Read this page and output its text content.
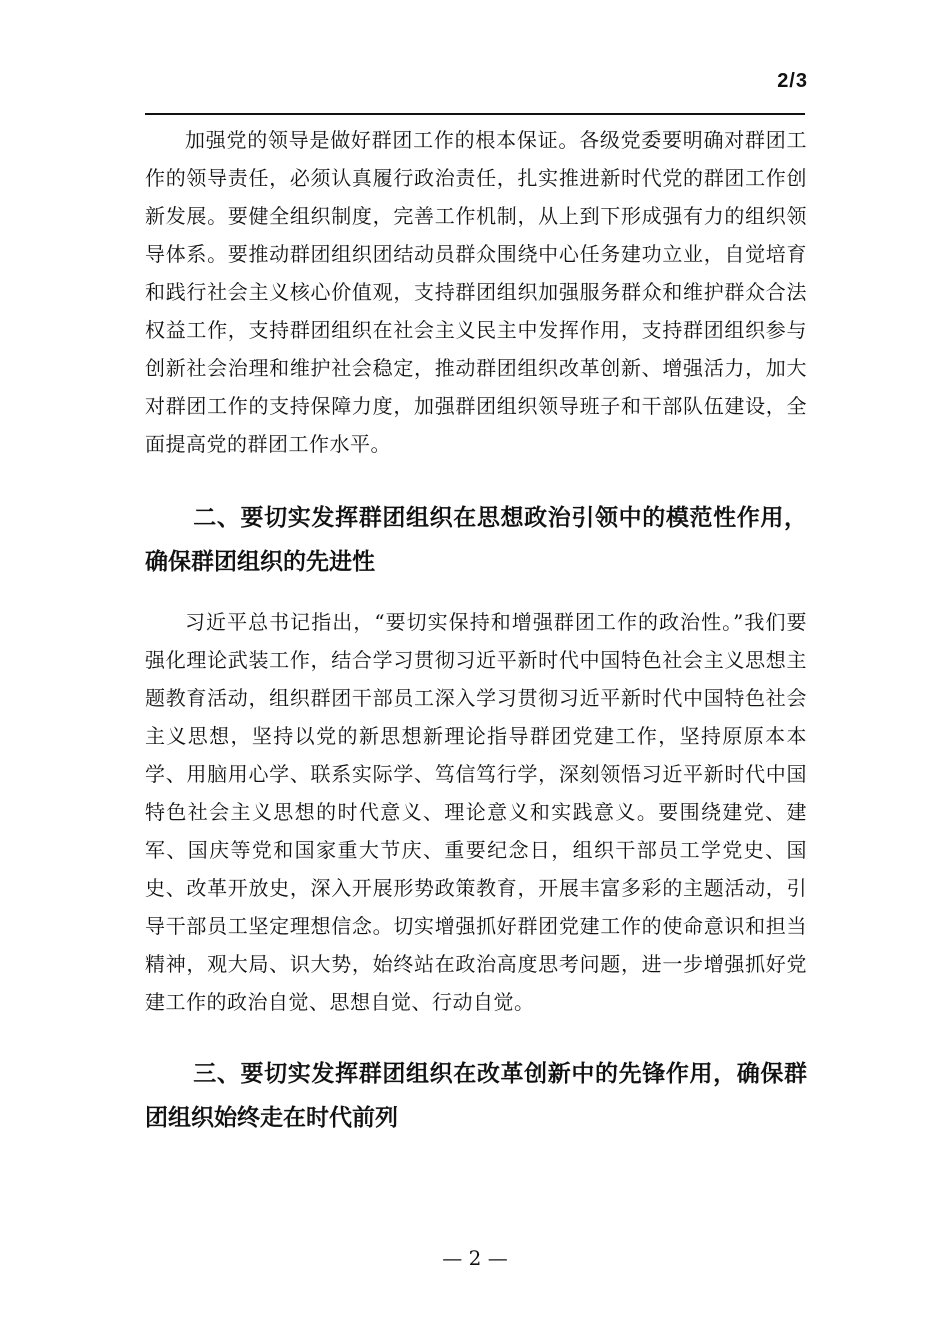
2/3

加强党的领导是做好群团工作的根本保证。各级党委要明确对群团工作的领导责任，必须认真履行政治责任，扎实推进新时代党的群团工作创新发展。要健全组织制度，完善工作机制，从上到下形成强有力的组织领导体系。要推动群团组织团结动员群众围绕中心任务建功立业，自觉培育和践行社会主义核心价值观，支持群团组织加强服务群众和维护群众合法权益工作，支持群团组织在社会主义民主中发挥作用，支持群团组织参与创新社会治理和维护社会稳定，推动群团组织改革创新、增强活力，加大对群团工作的支持保障力度，加强群团组织领导班子和干部队伍建设，全面提高党的群团工作水平。

二、要切实发挥群团组织在思想政治引领中的模范性作用，确保群团组织的先进性

习近平总书记指出，“要切实保持和增强群团工作的政治性。”我们要强化理论武装工作，结合学习贯彻习近平新时代中国特色社会主义思想主题教育活动，组织群团干部员工深入学习贯彻习近平新时代中国特色社会主义思想，坚持以党的新思想新理论指导群团党建工作，坚持原原本本学、用脑用心学、联系实际学、笃信笃行学，深刻领悟习近平新时代中国特色社会主义思想的时代意义、理论意义和实践意义。要围绕建党、建军、国庆等党和国家重大节庆、重要纪念日，组织干部员工学党史、国史、改革开放史，深入开展形势政策教育，开展丰富多彩的主题活动，引导干部员工坚定理想信念。切实增强抓好群团党建工作的使命意识和担当精神，观大局、识大势，始终站在政治高度思考问题，进一步增强抓好党建工作的政治自觉、思想自觉、行动自觉。

三、要切实发挥群团组织在改革创新中的先锋作用，确保群团组织始终走在时代前列
— 2 —
